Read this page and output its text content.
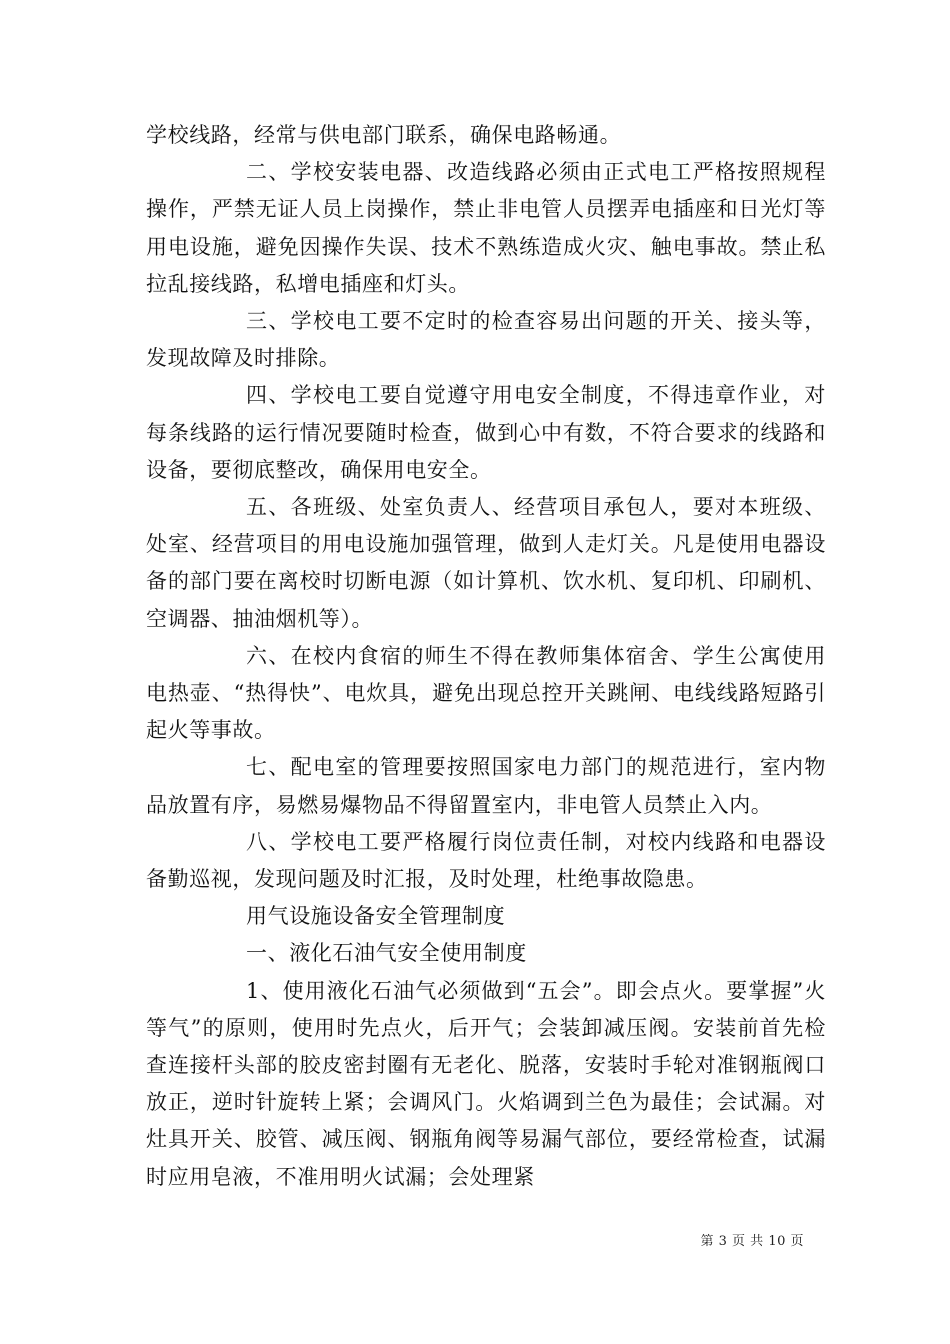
学校线路，经常与供电部门联系，确保电路畅通。

二、学校安装电器、改造线路必须由正式电工严格按照规程操作，严禁无证人员上岗操作，禁止非电管人员摆弄电插座和日光灯等用电设施，避免因操作失误、技术不熟练造成火灾、触电事故。禁止私拉乱接线路，私增电插座和灯头。

三、学校电工要不定时的检查容易出问题的开关、接头等，发现故障及时排除。

四、学校电工要自觉遵守用电安全制度，不得违章作业，对每条线路的运行情况要随时检查，做到心中有数，不符合要求的线路和设备，要彻底整改，确保用电安全。

五、各班级、处室负责人、经营项目承包人，要对本班级、处室、经营项目的用电设施加强管理，做到人走灯关。凡是使用电器设备的部门要在离校时切断电源（如计算机、饮水机、复印机、印刷机、空调器、抽油烟机等）。

六、在校内食宿的师生不得在教师集体宿舍、学生公寓使用电热壶、“热得快”、电炊具，避免出现总控开关跳闸、电线线路短路引起火等事故。

七、配电室的管理要按照国家电力部门的规范进行，室内物品放置有序，易燃易爆物品不得留置室内，非电管人员禁止入内。

八、学校电工要严格履行岗位责任制，对校内线路和电器设备勤巡视，发现问题及时汇报，及时处理，杜绝事故隐患。

用气设施设备安全管理制度

一、液化石油气安全使用制度

1、使用液化石油气必须做到“五会”。即会点火。要掌握”火等气”的原则，使用时先点火，后开气；会装卸减压阀。安装前首先检查连接杆头部的胶皮密封圈有无老化、脱落，安装时手轮对准钢瓶阀口放正，逆时针旋转上紧；会调风门。火焰调到兰色为最佳；会试漏。对灶具开关、胶管、减压阀、钢瓶角阀等易漏气部位，要经常检查，试漏时应用皂液，不准用明火试漏；会处理紧

第 3 页 共 10 页
